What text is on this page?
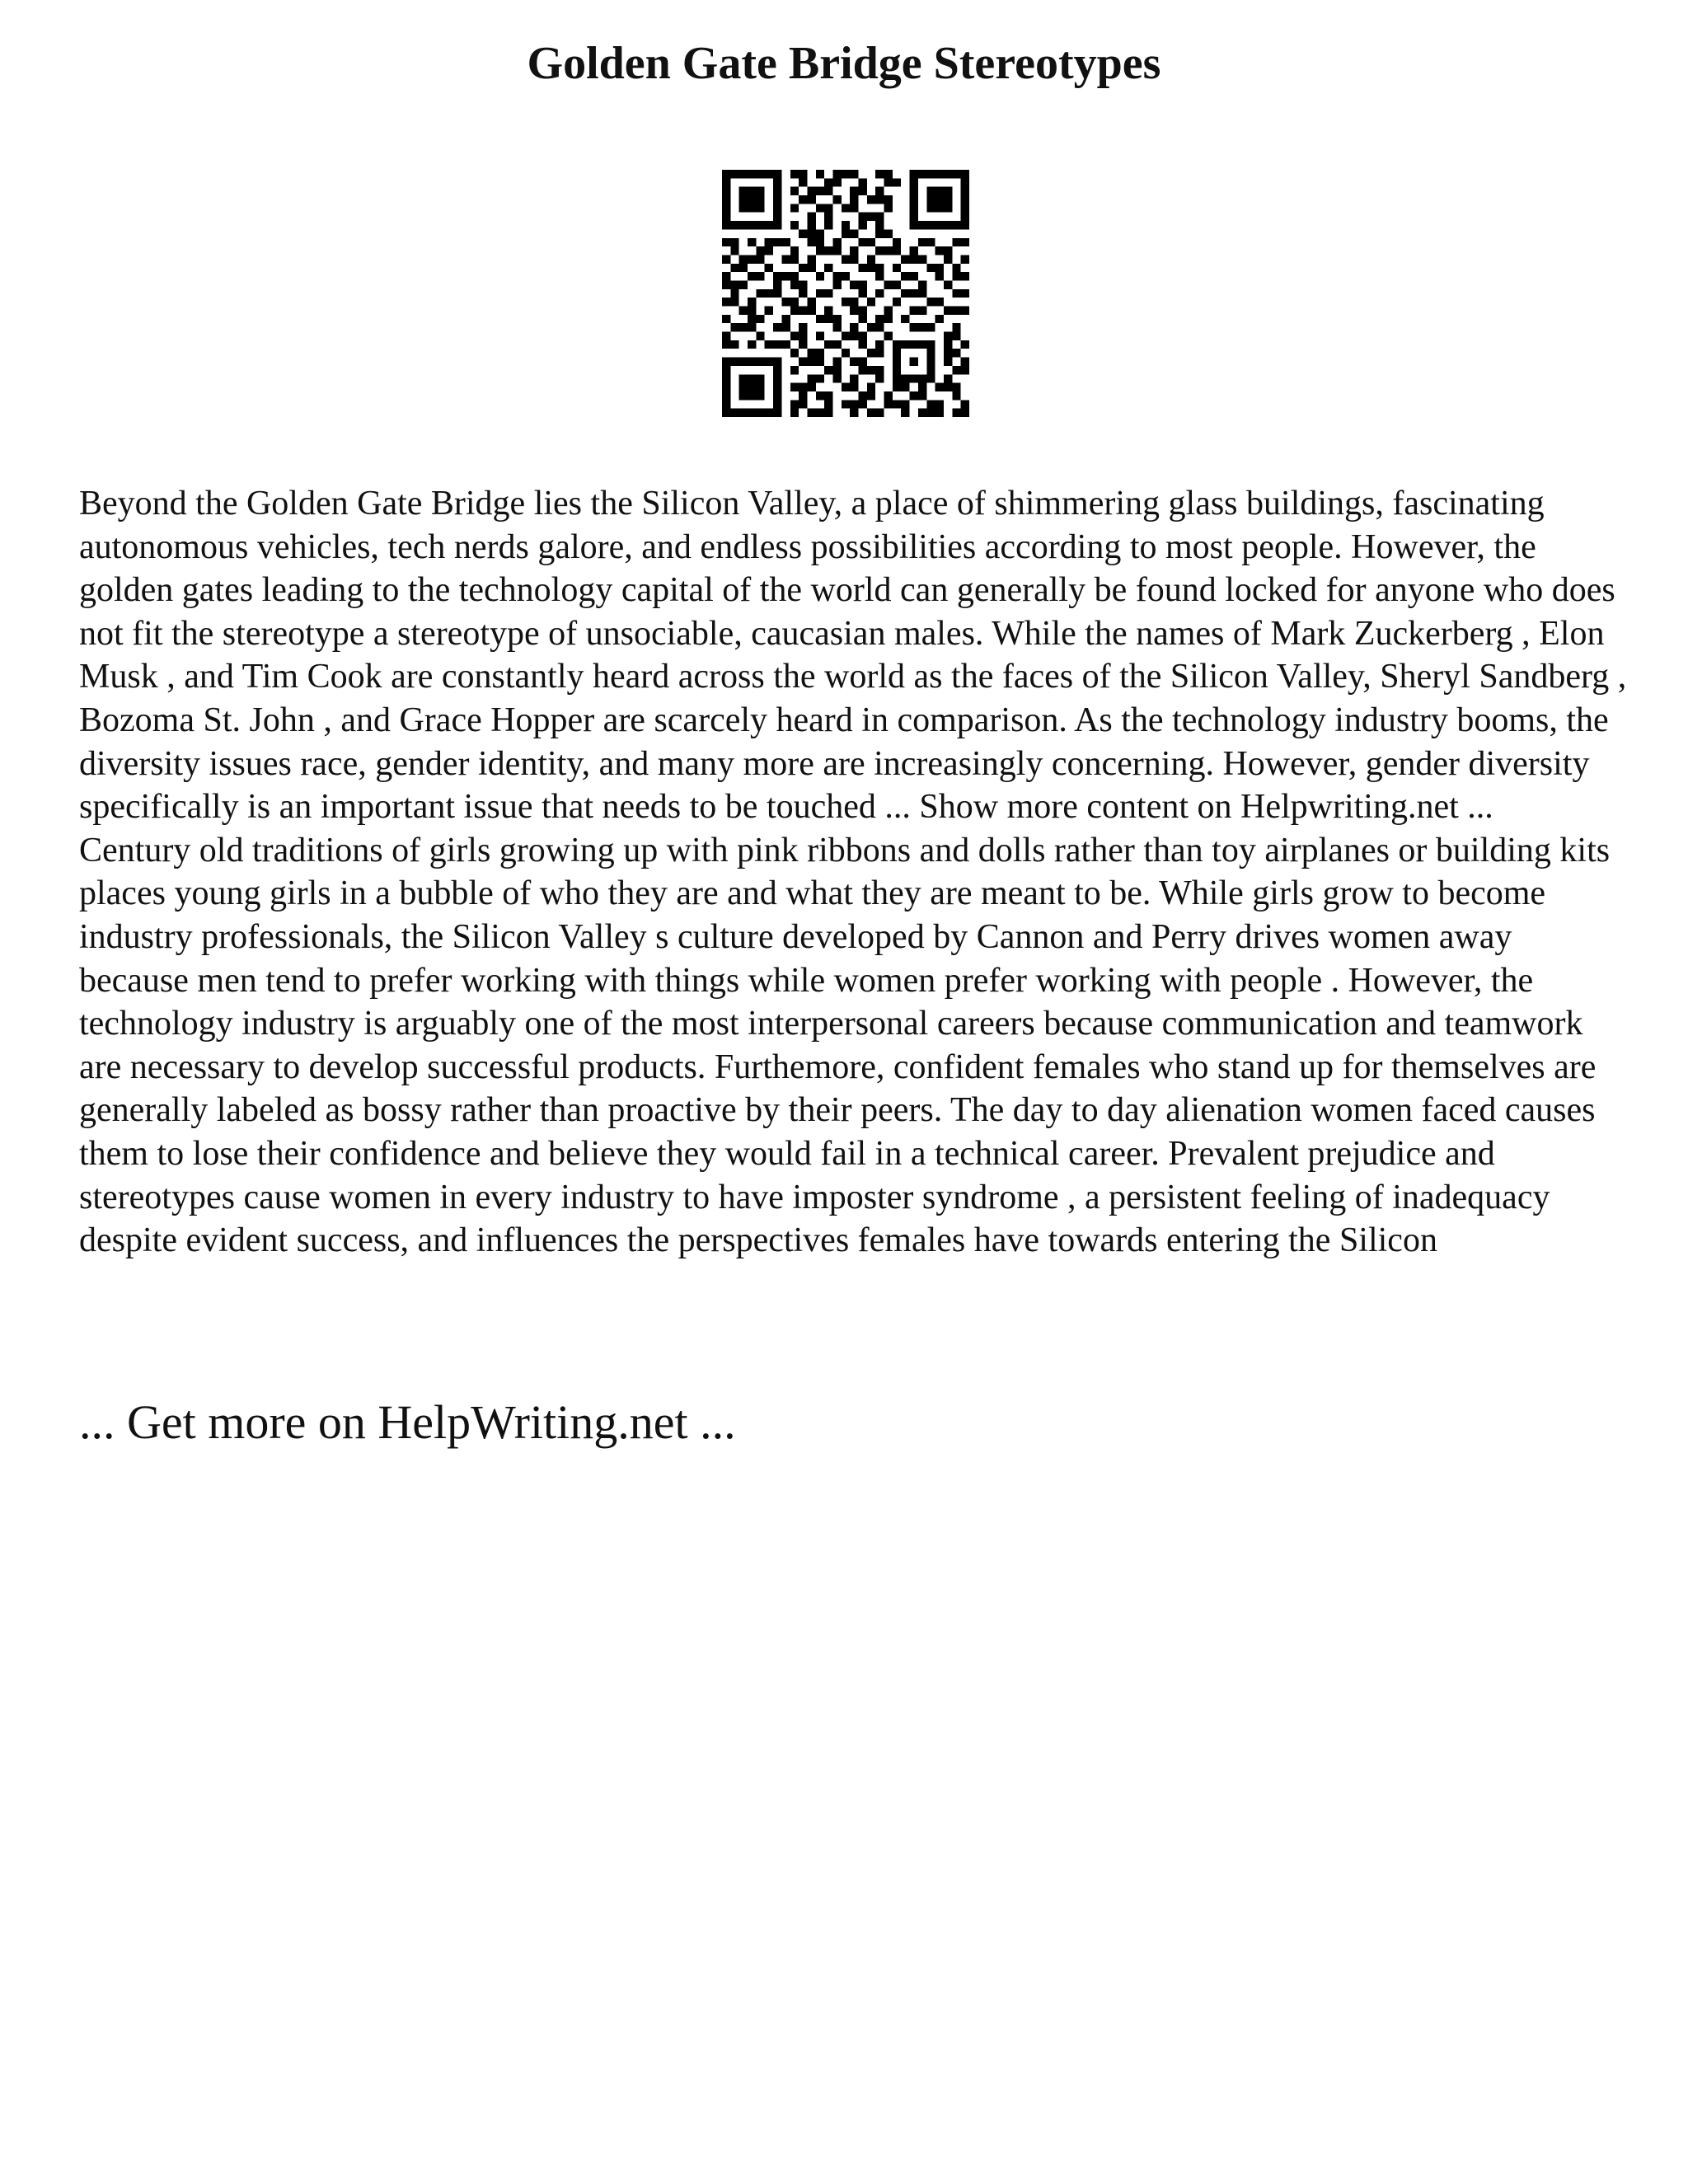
Golden Gate Bridge Stereotypes

Beyond the Golden Gate Bridge lies the Silicon Valley, a place of shimmering glass buildings, fascinating autonomous vehicles, tech nerds galore, and endless possibilities according to most people. However, the golden gates leading to the technology capital of the world can generally be found locked for anyone who does not fit the stereotype a stereotype of unsociable, caucasian males. While the names of Mark Zuckerberg , Elon Musk , and Tim Cook are constantly heard across the world as the faces of the Silicon Valley, Sheryl Sandberg , Bozoma St. John , and Grace Hopper are scarcely heard in comparison. As the technology industry booms, the diversity issues race, gender identity, and many more are increasingly concerning. However, gender diversity specifically is an important issue that needs to be touched ... Show more content on Helpwriting.net ...

Century old traditions of girls growing up with pink ribbons and dolls rather than toy airplanes or building kits places young girls in a bubble of who they are and what they are meant to be. While girls grow to become industry professionals, the Silicon Valley s culture developed by Cannon and Perry drives women away because men tend to prefer working with things while women prefer working with people . However, the technology industry is arguably one of the most interpersonal careers because communication and teamwork are necessary to develop successful products. Furthemore, confident females who stand up for themselves are generally labeled as bossy rather than proactive by their peers. The day to day alienation women faced causes them to lose their confidence and believe they would fail in a technical career. Prevalent prejudice and stereotypes cause women in every industry to have imposter syndrome , a persistent feeling of inadequacy despite evident success, and influences the perspectives females have towards entering the Silicon

... Get more on HelpWriting.net ...
